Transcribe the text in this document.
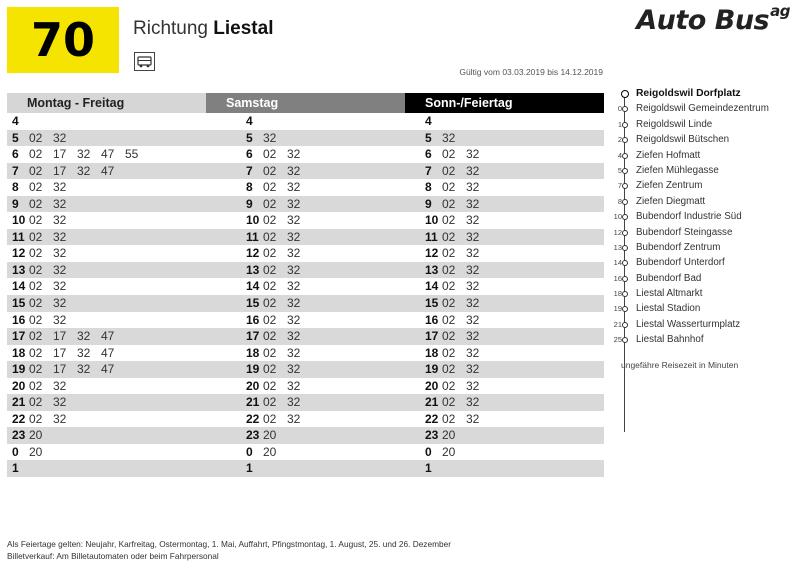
70	Richtung Liestal	Auto Bus$^{ag}$
Gültig vom 03.03.2019 bis 14.12.2019
Montag - Freitag	Samstag	Sonn-/Feiertag
4	4	4
5 02 32	5 32	5 32
6 02 17 32 47 55	6 02 32	6 02 32
7 02 17 32 47	7 02 32	7 02 32
8 02 32	8 02 32	8 02 32
9 02 32	9 02 32	9 02 32
10 02 32	10 02 32	10 02 32
11 02 32	11 02 32	11 02 32
12 02 32	12 02 32	12 02 32
13 02 32	13 02 32	13 02 32
14 02 32	14 02 32	14 02 32
15 02 32	15 02 32	15 02 32
16 02 32	16 02 32	16 02 32
17 02 17 32 47	17 02 32	17 02 32
18 02 17 32 47	18 02 32	18 02 32
19 02 17 32 47	19 02 32	19 02 32
20 02 32	20 02 32	20 02 32
21 02 32	21 02 32	21 02 32
22 02 32	22 02 32	22 02 32
23 20	23 20	23 20
0 20	0 20	0 20
1	1	1
Reigoldswil Dorfplatz
0 Reigoldswil Gemeindezentrum
1 Reigoldswil Linde
2 Reigoldswil Bütschen
4 Ziefen Hofmatt
5 Ziefen Mühlegasse
7 Ziefen Zentrum
8 Ziefen Diegmatt
10 Bubendorf Industrie Süd
12 Bubendorf Steingasse
13 Bubendorf Zentrum
14 Bubendorf Unterdorf
16 Bubendorf Bad
18 Liestal Altmarkt
19 Liestal Stadion
21 Liestal Wasserturmplatz
25 Liestal Bahnhof
ungefähre Reisezeit in Minuten
Als Feiertage gelten: Neujahr, Karfreitag, Ostermontag, 1. Mai, Auffahrt, Pfingstmontag, 1. August, 25. und 26. Dezember
Billetverkauf: Am Billetautomaten oder beim Fahrpersonal
